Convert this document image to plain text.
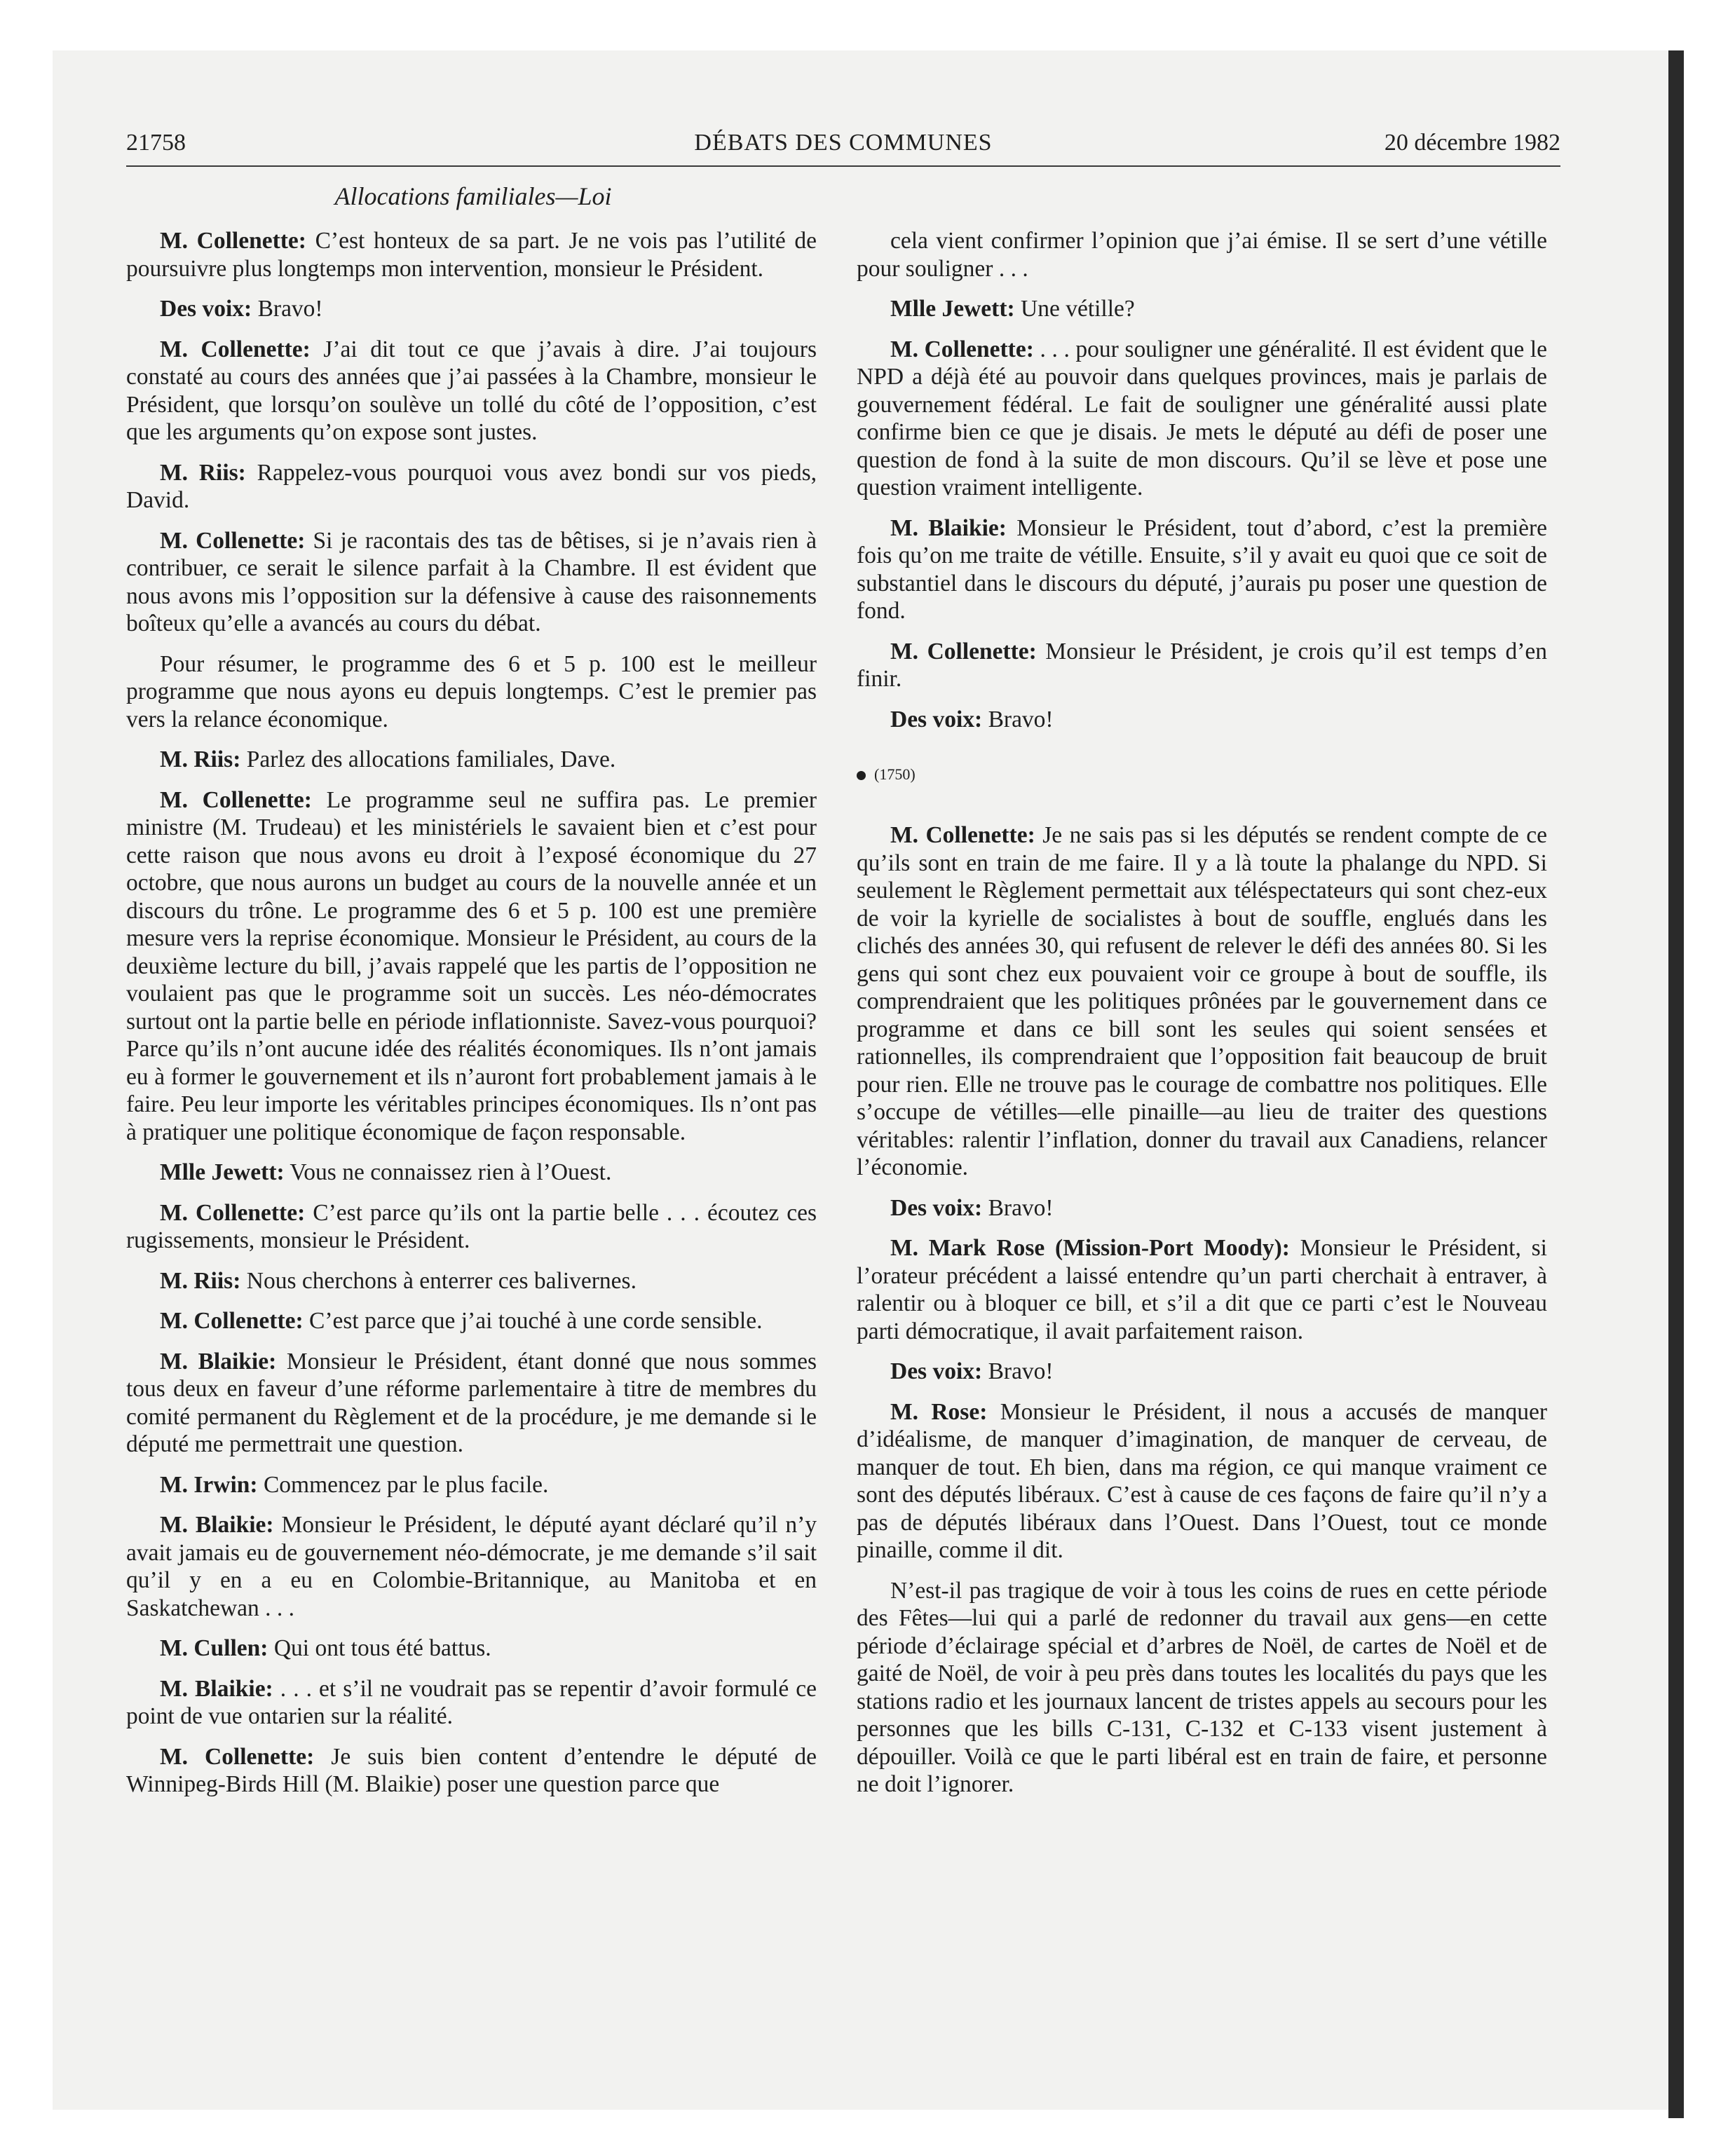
21758	DÉBATS DES COMMUNES	20 décembre 1982
Allocations familiales—Loi

M. Collenette: C’est honteux de sa part. Je ne vois pas l’utilité de poursuivre plus longtemps mon intervention, monsieur le Président.

Des voix: Bravo!

M. Collenette: J’ai dit tout ce que j’avais à dire. J’ai toujours constaté au cours des années que j’ai passées à la Chambre, monsieur le Président, que lorsqu’on soulève un tollé du côté de l’opposition, c’est que les arguments qu’on expose sont justes.

M. Riis: Rappelez-vous pourquoi vous avez bondi sur vos pieds, David.

M. Collenette: Si je racontais des tas de bêtises, si je n’avais rien à contribuer, ce serait le silence parfait à la Chambre. Il est évident que nous avons mis l’opposition sur la défensive à cause des raisonnements boîteux qu’elle a avancés au cours du débat.

Pour résumer, le programme des 6 et 5 p. 100 est le meilleur programme que nous ayons eu depuis longtemps. C’est le premier pas vers la relance économique.

M. Riis: Parlez des allocations familiales, Dave.

M. Collenette: Le programme seul ne suffira pas. Le premier ministre (M. Trudeau) et les ministériels le savaient bien et c’est pour cette raison que nous avons eu droit à l’exposé économique du 27 octobre, que nous aurons un budget au cours de la nouvelle année et un discours du trône. Le programme des 6 et 5 p. 100 est une première mesure vers la reprise économique. Monsieur le Président, au cours de la deuxième lecture du bill, j’avais rappelé que les partis de l’opposition ne voulaient pas que le programme soit un succès. Les néo-démocrates surtout ont la partie belle en période inflationniste. Savez-vous pourquoi? Parce qu’ils n’ont aucune idée des réalités économiques. Ils n’ont jamais eu à former le gouvernement et ils n’auront fort probablement jamais à le faire. Peu leur importe les véritables principes économiques. Ils n’ont pas à pratiquer une politique économique de façon responsable.

Mlle Jewett: Vous ne connaissez rien à l’Ouest.

M. Collenette: C’est parce qu’ils ont la partie belle . . . écoutez ces rugissements, monsieur le Président.

M. Riis: Nous cherchons à enterrer ces balivernes.

M. Collenette: C’est parce que j’ai touché à une corde sensible.

M. Blaikie: Monsieur le Président, étant donné que nous sommes tous deux en faveur d’une réforme parlementaire à titre de membres du comité permanent du Règlement et de la procédure, je me demande si le député me permettrait une question.

M. Irwin: Commencez par le plus facile.

M. Blaikie: Monsieur le Président, le député ayant déclaré qu’il n’y avait jamais eu de gouvernement néo-démocrate, je me demande s’il sait qu’il y en a eu en Colombie-Britannique, au Manitoba et en Saskatchewan . . .

M. Cullen: Qui ont tous été battus.

M. Blaikie: . . . et s’il ne voudrait pas se repentir d’avoir formulé ce point de vue ontarien sur la réalité.

M. Collenette: Je suis bien content d’entendre le député de Winnipeg-Birds Hill (M. Blaikie) poser une question parce que

cela vient confirmer l’opinion que j’ai émise. Il se sert d’une vétille pour souligner . . .

Mlle Jewett: Une vétille?

M. Collenette: . . . pour souligner une généralité. Il est évident que le NPD a déjà été au pouvoir dans quelques provinces, mais je parlais de gouvernement fédéral. Le fait de souligner une généralité aussi plate confirme bien ce que je disais. Je mets le député au défi de poser une question de fond à la suite de mon discours. Qu’il se lève et pose une question vraiment intelligente.

M. Blaikie: Monsieur le Président, tout d’abord, c’est la première fois qu’on me traite de vétille. Ensuite, s’il y avait eu quoi que ce soit de substantiel dans le discours du député, j’aurais pu poser une question de fond.

M. Collenette: Monsieur le Président, je crois qu’il est temps d’en finir.

Des voix: Bravo!

(1750)

M. Collenette: Je ne sais pas si les députés se rendent compte de ce qu’ils sont en train de me faire. Il y a là toute la phalange du NPD. Si seulement le Règlement permettait aux téléspectateurs qui sont chez-eux de voir la kyrielle de socialistes à bout de souffle, englués dans les clichés des années 30, qui refusent de relever le défi des années 80. Si les gens qui sont chez eux pouvaient voir ce groupe à bout de souffle, ils comprendraient que les politiques prônées par le gouvernement dans ce programme et dans ce bill sont les seules qui soient sensées et rationnelles, ils comprendraient que l’opposition fait beaucoup de bruit pour rien. Elle ne trouve pas le courage de combattre nos politiques. Elle s’occupe de vétilles—elle pinaille—au lieu de traiter des questions véritables: ralentir l’inflation, donner du travail aux Canadiens, relancer l’économie.

Des voix: Bravo!

M. Mark Rose (Mission-Port Moody): Monsieur le Président, si l’orateur précédent a laissé entendre qu’un parti cherchait à entraver, à ralentir ou à bloquer ce bill, et s’il a dit que ce parti c’est le Nouveau parti démocratique, il avait parfaitement raison.

Des voix: Bravo!

M. Rose: Monsieur le Président, il nous a accusés de manquer d’idéalisme, de manquer d’imagination, de manquer de cerveau, de manquer de tout. Eh bien, dans ma région, ce qui manque vraiment ce sont des députés libéraux. C’est à cause de ces façons de faire qu’il n’y a pas de députés libéraux dans l’Ouest. Dans l’Ouest, tout ce monde pinaille, comme il dit.

N’est-il pas tragique de voir à tous les coins de rues en cette période des Fêtes—lui qui a parlé de redonner du travail aux gens—en cette période d’éclairage spécial et d’arbres de Noël, de cartes de Noël et de gaité de Noël, de voir à peu près dans toutes les localités du pays que les stations radio et les journaux lancent de tristes appels au secours pour les personnes que les bills C-131, C-132 et C-133 visent justement à dépouiller. Voilà ce que le parti libéral est en train de faire, et personne ne doit l’ignorer.
